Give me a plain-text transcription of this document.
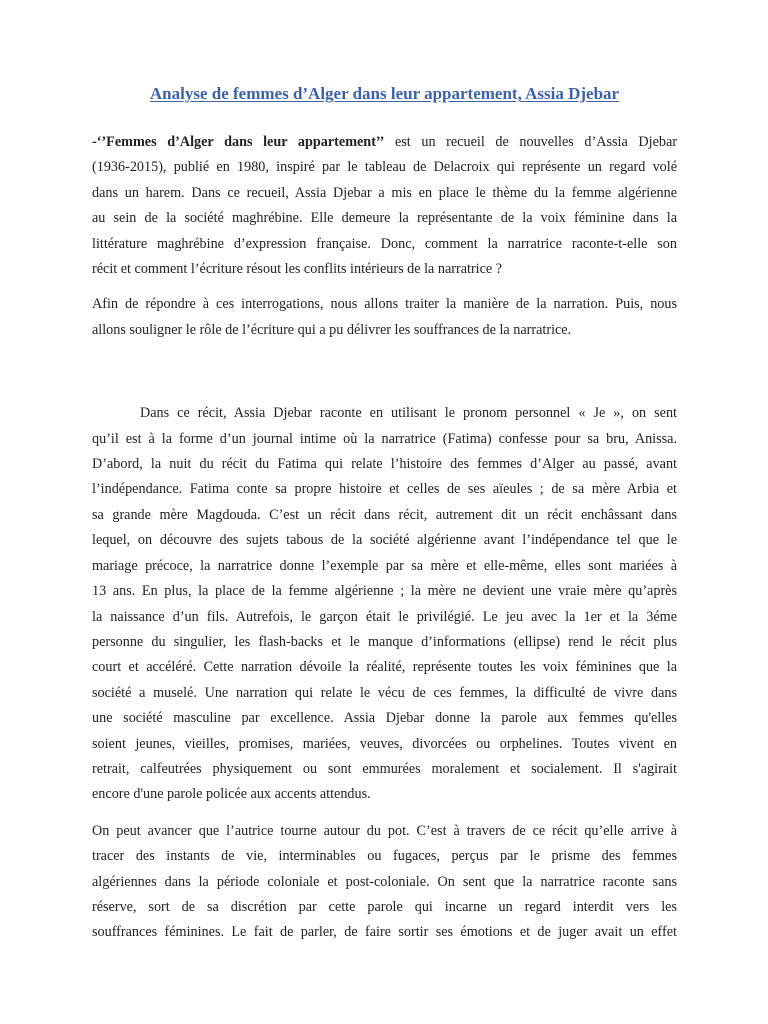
Analyse de femmes d’Alger dans leur appartement, Assia Djebar

-‘’Femmes d’Alger dans leur appartement’’ est un recueil de nouvelles d’Assia Djebar
(1936-2015), publié en 1980, inspiré par le tableau de Delacroix qui représente un regard volé
dans un harem. Dans ce recueil, Assia Djebar a mis en place le thème du la femme algérienne
au sein de la société maghrébine. Elle demeure la représentante de la voix féminine dans la
littérature maghrébine d’expression française. Donc, comment la narratrice raconte-t-elle son
récit et comment l’écriture résout les conflits intérieurs de la narratrice ?

Afin de répondre à ces interrogations, nous allons traiter la manière de la narration. Puis, nous
allons souligner le rôle de l’écriture qui a pu délivrer les souffrances de la narratrice.

Dans ce récit, Assia Djebar raconte en utilisant le pronom personnel « Je », on sent
qu’il est à la forme d’un journal intime où la narratrice (Fatima) confesse pour sa bru, Anissa.
D’abord, la nuit du récit du Fatima qui relate l’histoire des femmes d’Alger au passé, avant
l’indépendance. Fatima conte sa propre histoire et celles de ses aïeules ; de sa mère Arbia et
sa grande mère Magdouda. C’est un récit dans récit, autrement dit un récit enchâssant dans
lequel, on découvre des sujets tabous de la société algérienne avant l’indépendance tel que le
mariage précoce, la narratrice donne l’exemple par sa mère et elle-même, elles sont mariées à
13 ans. En plus, la place de la femme algérienne ; la mère ne devient une vraie mère qu’après
la naissance d’un fils. Autrefois, le garçon était le privilégié. Le jeu avec la 1er et la 3éme
personne du singulier, les flash-backs et le manque d’informations (ellipse) rend le récit plus
court et accéléré. Cette narration dévoile la réalité, représente toutes les voix féminines que la
société a muselé. Une narration qui relate le vécu de ces femmes, la difficulté de vivre dans
une société masculine par excellence. Assia Djebar donne la parole aux femmes qu'elles
soient jeunes, vieilles, promises, mariées, veuves, divorcées ou orphelines. Toutes vivent en
retrait, calfeutrées physiquement ou sont emmurées moralement et socialement. Il s'agirait
encore d'une parole policée aux accents attendus.

On peut avancer que l’autrice tourne autour du pot. C’est à travers de ce récit qu’elle arrive à
tracer des instants de vie, interminables ou fugaces, perçus par le prisme des femmes
algériennes dans la période coloniale et post-coloniale. On sent que la narratrice raconte sans
réserve, sort de sa discrétion par cette parole qui incarne un regard interdit vers les
souffrances féminines. Le fait de parler, de faire sortir ses émotions et de juger avait un effet
